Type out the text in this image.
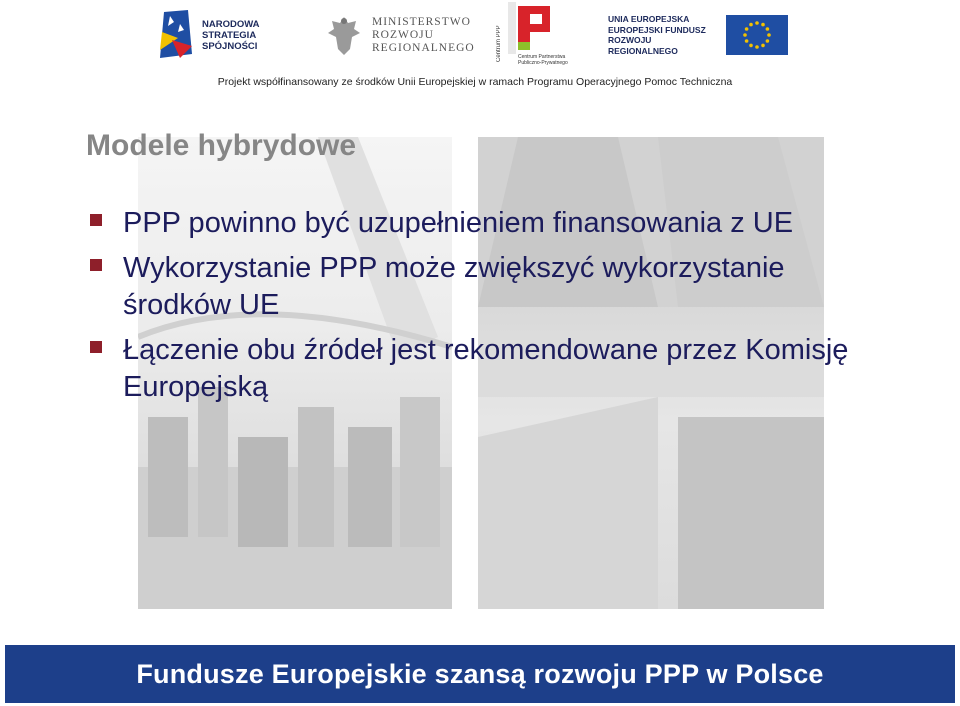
NARODOWA STRATEGIA SPÓJNOŚCI
MINISTERSTWO ROZWOJU REGIONALNEGO	Centrum PPP	Centrum Partnerstwa Publiczno-Prywatnego
UNIA EUROPEJSKA EUROPEJSKI FUNDUSZ ROZWOJU REGIONALNEGO
Projekt współfinansowany ze środków Unii Europejskiej w ramach Programu Operacyjnego Pomoc Techniczna
Modele hybrydowe
PPP powinno być uzupełnieniem finansowania z UE
Wykorzystanie PPP może zwiększyć wykorzystanie środków UE
Łączenie obu źródeł jest rekomendowane przez Komisję Europejską
Fundusze Europejskie szansą rozwoju PPP w Polsce
